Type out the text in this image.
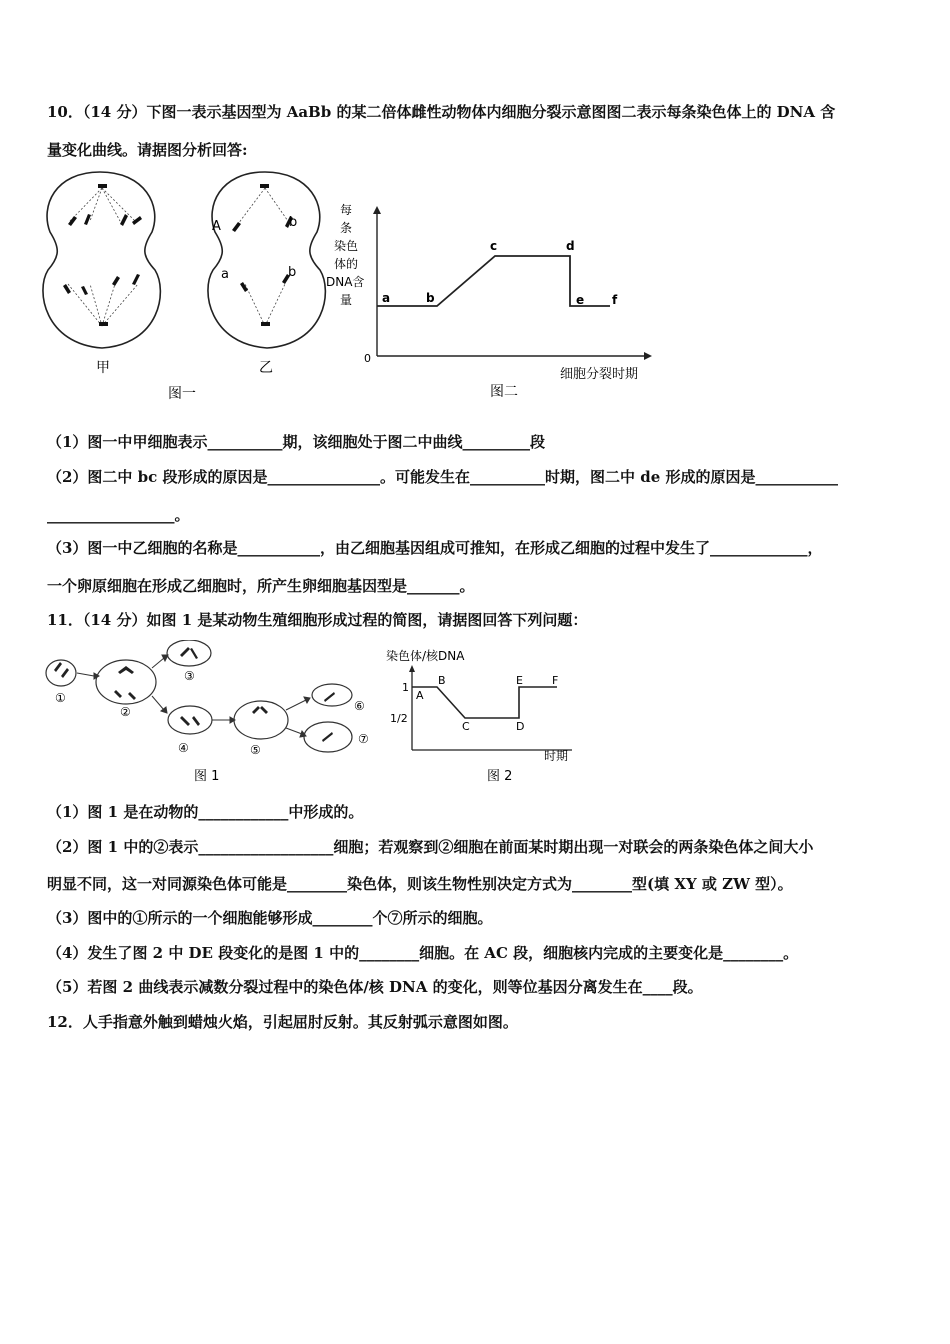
10．（14 分）下图一表示基因型为 AaBb 的某二倍体雌性动物体内细胞分裂示意图图二表示每条染色体上的 DNA 含
量变化曲线。请据图分析回答:
A	b
a	b
甲	乙
图一
每
条
染色
体的
DNA含
量 a	b
c	d
e f
0
细胞分裂时期
图二
（1）图一中甲细胞表示__________期，该细胞处于图二中曲线_________段
（2）图二中 bc 段形成的原因是_______________。可能发生在__________时期，图二中 de 形成的原因是___________
_________________。
（3）图一中乙细胞的名称是___________，由乙细胞基因组成可推知，在形成乙细胞的过程中发生了_____________，
一个卵原细胞在形成乙细胞时，所产生卵细胞基因型是_______。
11．（14 分）如图 1 是某动物生殖细胞形成过程的简图，请据图回答下列问题：
①
②
③
④	⑤
⑥
⑦
图 1
染色体/核DNA
1
1/2
A
B
C	D
E	F
时期
图 2
（1）图 1 是在动物的____________中形成的。
（2）图 1 中的②表示__________________细胞；若观察到②细胞在前面某时期出现一对联会的两条染色体之间大小
明显不同，这一对同源染色体可能是________染色体，则该生物性别决定方式为________型(填 XY 或 ZW 型）。
（3）图中的①所示的一个细胞能够形成________个⑦所示的细胞。
（4）发生了图 2 中 DE 段变化的是图 1 中的________细胞。在 AC 段，细胞核内完成的主要变化是________。
（5）若图 2 曲线表示减数分裂过程中的染色体/核 DNA 的变化，则等位基因分离发生在____段。
12．人手指意外触到蜡烛火焰，引起屈肘反射。其反射弧示意图如图。
